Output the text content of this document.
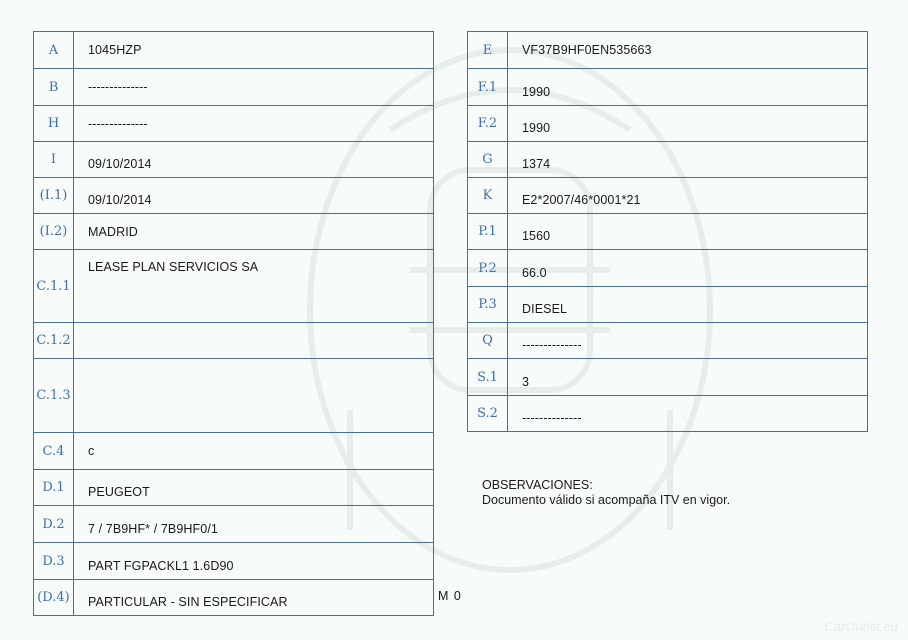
A	1045HZP
B	--------------
H	--------------
I	09/10/2014
(I.1)	09/10/2014
(I.2)	MADRID
C.1.1	LEASE PLAN SERVICIOS SA
C.1.2	
C.1.3	
C.4	c
D.1	PEUGEOT
D.2	7 / 7B9HF* / 7B9HF0/1
D.3	PART FGPACKL1 1.6D90
(D.4)	PARTICULAR - SIN ESPECIFICAR
E	VF37B9HF0EN535663
F.1	1990
F.2	1990
G	1374
K	E2*2007/46*0001*21
P.1	1560
P.2	66.0
P.3	DIESEL
Q	--------------
S.1	3
S.2	--------------
OBSERVACIONES:
Documento válido si acompaña ITV en vigor.
M 0
CarOutlet.eu
